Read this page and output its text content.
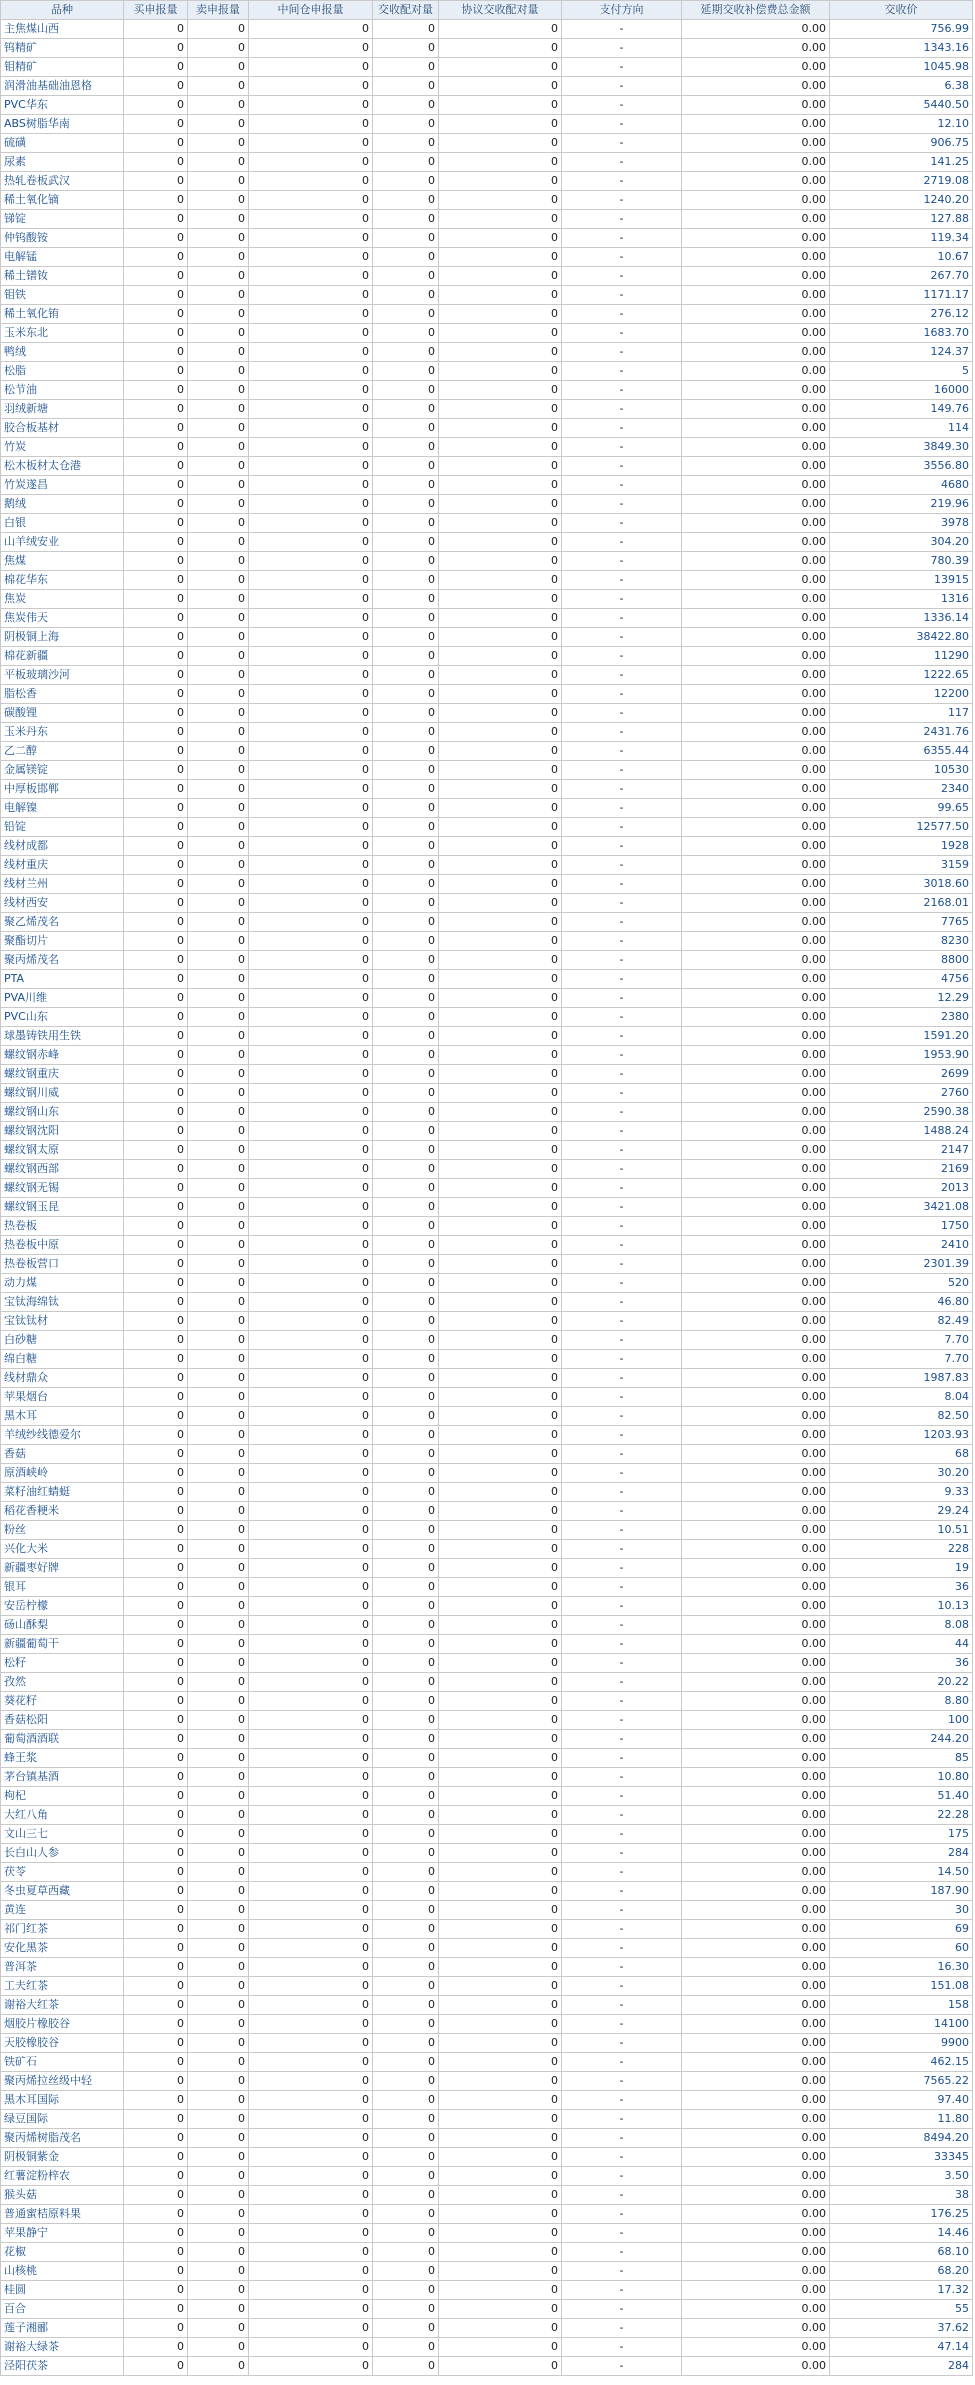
品种	买申报量	卖申报量	中间仓申报量	交收配对量	协议交收配对量	支付方向	延期交收补偿费总金额	交收价
主焦煤山西	0	0	0	0	0	-	0.00	756.99
钨精矿	0	0	0	0	0	-	0.00	1343.16
钼精矿	0	0	0	0	0	-	0.00	1045.98
润滑油基础油恩格	0	0	0	0	0	-	0.00	6.38
PVC华东	0	0	0	0	0	-	0.00	5440.50
ABS树脂华南	0	0	0	0	0	-	0.00	12.10
硫磺	0	0	0	0	0	-	0.00	906.75
尿素	0	0	0	0	0	-	0.00	141.25
热轧卷板武汉	0	0	0	0	0	-	0.00	2719.08
稀土氧化镝	0	0	0	0	0	-	0.00	1240.20
锑锭	0	0	0	0	0	-	0.00	127.88
仲钨酸铵	0	0	0	0	0	-	0.00	119.34
电解锰	0	0	0	0	0	-	0.00	10.67
稀土镨钕	0	0	0	0	0	-	0.00	267.70
钼铁	0	0	0	0	0	-	0.00	1171.17
稀土氧化铕	0	0	0	0	0	-	0.00	276.12
玉米东北	0	0	0	0	0	-	0.00	1683.70
鸭绒	0	0	0	0	0	-	0.00	124.37
松脂	0	0	0	0	0	-	0.00	5
松节油	0	0	0	0	0	-	0.00	16000
羽绒新塘	0	0	0	0	0	-	0.00	149.76
胶合板基材	0	0	0	0	0	-	0.00	114
竹炭	0	0	0	0	0	-	0.00	3849.30
松木板材太仓港	0	0	0	0	0	-	0.00	3556.80
竹炭遂昌	0	0	0	0	0	-	0.00	4680
鹅绒	0	0	0	0	0	-	0.00	219.96
白银	0	0	0	0	0	-	0.00	3978
山羊绒安业	0	0	0	0	0	-	0.00	304.20
焦煤	0	0	0	0	0	-	0.00	780.39
棉花华东	0	0	0	0	0	-	0.00	13915
焦炭	0	0	0	0	0	-	0.00	1316
焦炭伟天	0	0	0	0	0	-	0.00	1336.14
阴极铜上海	0	0	0	0	0	-	0.00	38422.80
棉花新疆	0	0	0	0	0	-	0.00	11290
平板玻璃沙河	0	0	0	0	0	-	0.00	1222.65
脂松香	0	0	0	0	0	-	0.00	12200
碳酸锂	0	0	0	0	0	-	0.00	117
玉米丹东	0	0	0	0	0	-	0.00	2431.76
乙二醇	0	0	0	0	0	-	0.00	6355.44
金属镁锭	0	0	0	0	0	-	0.00	10530
中厚板邯郸	0	0	0	0	0	-	0.00	2340
电解镍	0	0	0	0	0	-	0.00	99.65
铅锭	0	0	0	0	0	-	0.00	12577.50
线材成都	0	0	0	0	0	-	0.00	1928
线材重庆	0	0	0	0	0	-	0.00	3159
线材兰州	0	0	0	0	0	-	0.00	3018.60
线材西安	0	0	0	0	0	-	0.00	2168.01
聚乙烯茂名	0	0	0	0	0	-	0.00	7765
聚酯切片	0	0	0	0	0	-	0.00	8230
聚丙烯茂名	0	0	0	0	0	-	0.00	8800
PTA	0	0	0	0	0	-	0.00	4756
PVA川维	0	0	0	0	0	-	0.00	12.29
PVC山东	0	0	0	0	0	-	0.00	2380
球墨铸铁用生铁	0	0	0	0	0	-	0.00	1591.20
螺纹钢赤峰	0	0	0	0	0	-	0.00	1953.90
螺纹钢重庆	0	0	0	0	0	-	0.00	2699
螺纹钢川威	0	0	0	0	0	-	0.00	2760
螺纹钢山东	0	0	0	0	0	-	0.00	2590.38
螺纹钢沈阳	0	0	0	0	0	-	0.00	1488.24
螺纹钢太原	0	0	0	0	0	-	0.00	2147
螺纹钢西部	0	0	0	0	0	-	0.00	2169
螺纹钢无锡	0	0	0	0	0	-	0.00	2013
螺纹钢玉昆	0	0	0	0	0	-	0.00	3421.08
热卷板	0	0	0	0	0	-	0.00	1750
热卷板中原	0	0	0	0	0	-	0.00	2410
热卷板营口	0	0	0	0	0	-	0.00	2301.39
动力煤	0	0	0	0	0	-	0.00	520
宝钛海绵钛	0	0	0	0	0	-	0.00	46.80
宝钛钛材	0	0	0	0	0	-	0.00	82.49
白砂糖	0	0	0	0	0	-	0.00	7.70
绵白糖	0	0	0	0	0	-	0.00	7.70
线材鼎众	0	0	0	0	0	-	0.00	1987.83
苹果烟台	0	0	0	0	0	-	0.00	8.04
黑木耳	0	0	0	0	0	-	0.00	82.50
羊绒纱线德爱尔	0	0	0	0	0	-	0.00	1203.93
香菇	0	0	0	0	0	-	0.00	68
原酒峡岭	0	0	0	0	0	-	0.00	30.20
菜籽油红蜻蜓	0	0	0	0	0	-	0.00	9.33
稻花香粳米	0	0	0	0	0	-	0.00	29.24
粉丝	0	0	0	0	0	-	0.00	10.51
兴化大米	0	0	0	0	0	-	0.00	228
新疆枣好牌	0	0	0	0	0	-	0.00	19
银耳	0	0	0	0	0	-	0.00	36
安岳柠檬	0	0	0	0	0	-	0.00	10.13
砀山酥梨	0	0	0	0	0	-	0.00	8.08
新疆葡萄干	0	0	0	0	0	-	0.00	44
松籽	0	0	0	0	0	-	0.00	36
孜然	0	0	0	0	0	-	0.00	20.22
葵花籽	0	0	0	0	0	-	0.00	8.80
香菇松阳	0	0	0	0	0	-	0.00	100
葡萄酒酒联	0	0	0	0	0	-	0.00	244.20
蜂王浆	0	0	0	0	0	-	0.00	85
茅台镇基酒	0	0	0	0	0	-	0.00	10.80
枸杞	0	0	0	0	0	-	0.00	51.40
大红八角	0	0	0	0	0	-	0.00	22.28
文山三七	0	0	0	0	0	-	0.00	175
长白山人参	0	0	0	0	0	-	0.00	284
茯苓	0	0	0	0	0	-	0.00	14.50
冬虫夏草西藏	0	0	0	0	0	-	0.00	187.90
黄连	0	0	0	0	0	-	0.00	30
祁门红茶	0	0	0	0	0	-	0.00	69
安化黑茶	0	0	0	0	0	-	0.00	60
普洱茶	0	0	0	0	0	-	0.00	16.30
工夫红茶	0	0	0	0	0	-	0.00	151.08
谢裕大红茶	0	0	0	0	0	-	0.00	158
烟胶片橡胶谷	0	0	0	0	0	-	0.00	14100
天胶橡胶谷	0	0	0	0	0	-	0.00	9900
铁矿石	0	0	0	0	0	-	0.00	462.15
聚丙烯拉丝级中轻	0	0	0	0	0	-	0.00	7565.22
黑木耳国际	0	0	0	0	0	-	0.00	97.40
绿豆国际	0	0	0	0	0	-	0.00	11.80
聚丙烯树脂茂名	0	0	0	0	0	-	0.00	8494.20
阴极铜紫金	0	0	0	0	0	-	0.00	33345
红薯淀粉梓农	0	0	0	0	0	-	0.00	3.50
猴头菇	0	0	0	0	0	-	0.00	38
普通蜜桔原料果	0	0	0	0	0	-	0.00	176.25
苹果静宁	0	0	0	0	0	-	0.00	14.46
花椒	0	0	0	0	0	-	0.00	68.10
山核桃	0	0	0	0	0	-	0.00	68.20
桂圆	0	0	0	0	0	-	0.00	17.32
百合	0	0	0	0	0	-	0.00	55
莲子湘郦	0	0	0	0	0	-	0.00	37.62
谢裕大绿茶	0	0	0	0	0	-	0.00	47.14
泾阳茯茶	0	0	0	0	0	-	0.00	284
